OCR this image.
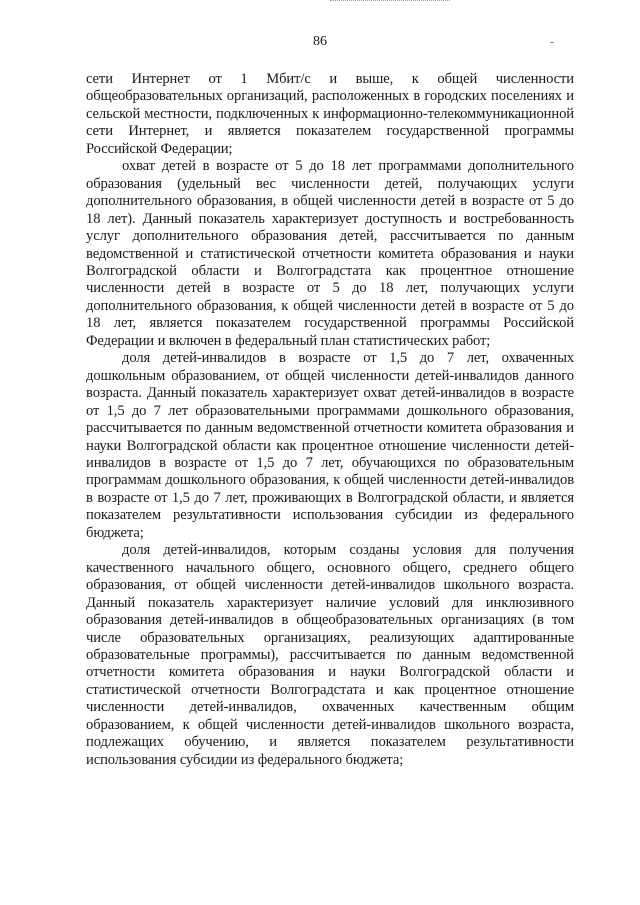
86

сети Интернет от 1 Мбит/с и выше, к общей численности общеобразовательных организаций, расположенных в городских поселениях и сельской местности, подключенных к информационно-телекоммуникационной сети Интернет, и является показателем государственной программы Российской Федерации;

охват детей в возрасте от 5 до 18 лет программами дополнительного образования (удельный вес численности детей, получающих услуги дополнительного образования, в общей численности детей в возрасте от 5 до 18 лет). Данный показатель характеризует доступность и востребованность услуг дополнительного образования детей, рассчитывается по данным ведомственной и статистической отчетности комитета образования и науки Волгоградской области и Волгоградстата как процентное отношение численности детей в возрасте от 5 до 18 лет, получающих услуги дополнительного образования, к общей численности детей в возрасте от 5 до 18 лет, является показателем государственной программы Российской Федерации и включен в федеральный план статистических работ;

доля детей-инвалидов в возрасте от 1,5 до 7 лет, охваченных дошкольным образованием, от общей численности детей-инвалидов данного возраста. Данный показатель характеризует охват детей-инвалидов в возрасте от 1,5 до 7 лет образовательными программами дошкольного образования, рассчитывается по данным ведомственной отчетности комитета образования и науки Волгоградской области как процентное отношение численности детей-инвалидов в возрасте от 1,5 до 7 лет, обучающихся по образовательным программам дошкольного образования, к общей численности детей-инвалидов в возрасте от 1,5 до 7 лет, проживающих в Волгоградской области, и является показателем результативности использования субсидии из федерального бюджета;

доля детей-инвалидов, которым созданы условия для получения качественного начального общего, основного общего, среднего общего образования, от общей численности детей-инвалидов школьного возраста. Данный показатель характеризует наличие условий для инклюзивного образования детей-инвалидов в общеобразовательных организациях (в том числе образовательных организациях, реализующих адаптированные образовательные программы), рассчитывается по данным ведомственной отчетности комитета образования и науки Волгоградской области и статистической отчетности Волгоградстата и как процентное отношение численности детей-инвалидов, охваченных качественным общим образованием, к общей численности детей-инвалидов школьного возраста, подлежащих обучению, и является показателем результативности использования субсидии из федерального бюджета;
